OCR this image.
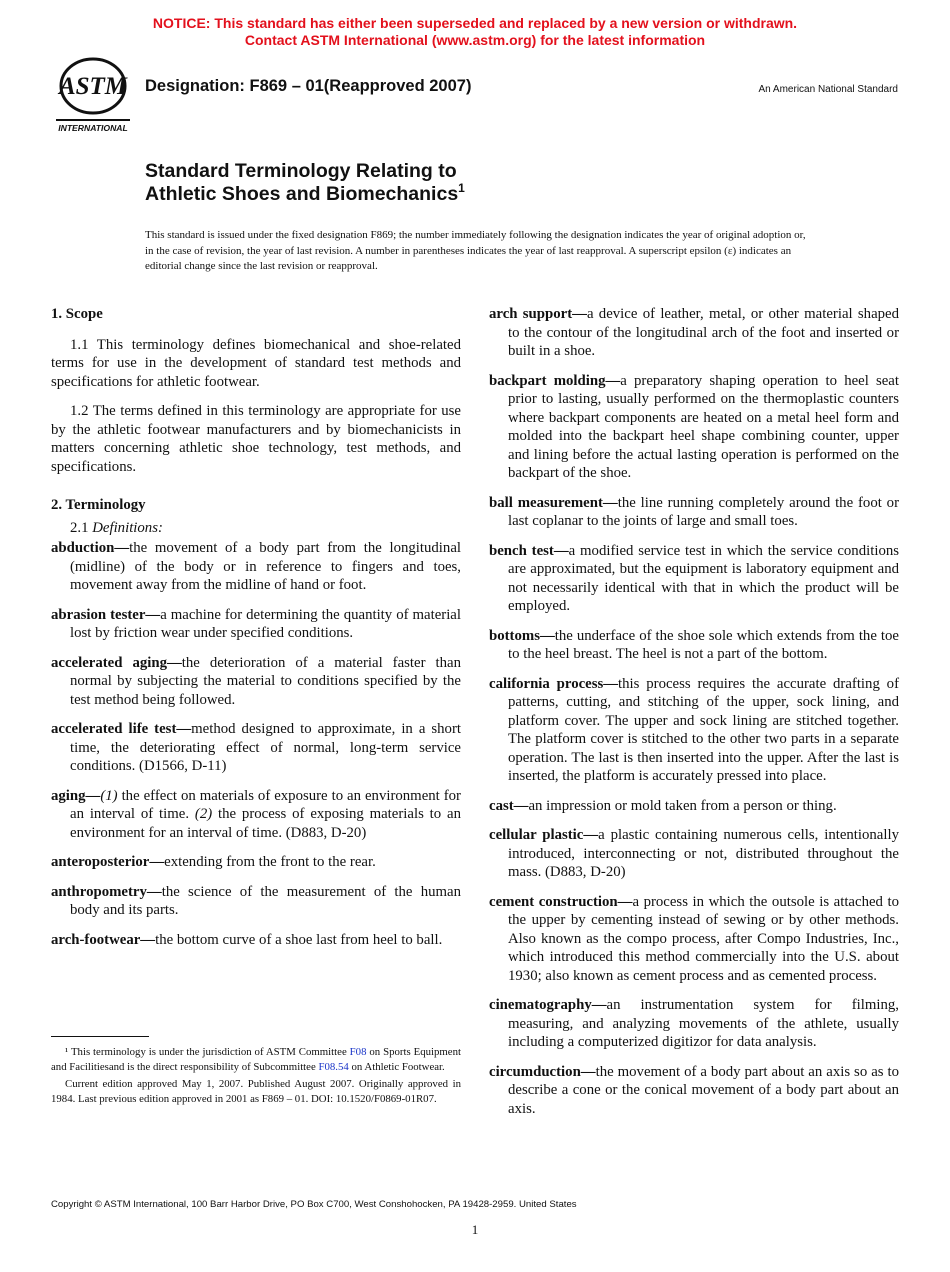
NOTICE: This standard has either been superseded and replaced by a new version or withdrawn.
Contact ASTM International (www.astm.org) for the latest information
ASTM
INTERNATIONAL
Designation: F869 – 01(Reapproved 2007)	An American National Standard
Standard Terminology Relating to
Athletic Shoes and Biomechanics$^1$
This standard is issued under the fixed designation F869; the number immediately following the designation indicates the year of original adoption or, in the case of revision, the year of last revision. A number in parentheses indicates the year of last reapproval. A superscript epsilon (ε) indicates an editorial change since the last revision or reapproval.
1. Scope

1.1 This terminology defines biomechanical and shoe-related terms for use in the development of standard test methods and specifications for athletic footwear.

1.2 The terms defined in this terminology are appropriate for use by the athletic footwear manufacturers and by biomechanicists in matters concerning athletic shoe technology, test methods, and specifications.

2. Terminology
2.1 Definitions:

abduction—the movement of a body part from the longitudinal (midline) of the body or in reference to fingers and toes, movement away from the midline of hand or foot.

abrasion tester—a machine for determining the quantity of material lost by friction wear under specified conditions.

accelerated aging—the deterioration of a material faster than normal by subjecting the material to conditions specified by the test method being followed.

accelerated life test—method designed to approximate, in a short time, the deteriorating effect of normal, long-term service conditions. (D1566, D-11)

aging—(1) the effect on materials of exposure to an environment for an interval of time. (2) the process of exposing materials to an environment for an interval of time. (D883, D-20)

anteroposterior—extending from the front to the rear.

anthropometry—the science of the measurement of the human body and its parts.

arch-footwear—the bottom curve of a shoe last from heel to ball.

arch support—a device of leather, metal, or other material shaped to the contour of the longitudinal arch of the foot and inserted or built in a shoe.

backpart molding—a preparatory shaping operation to heel seat prior to lasting, usually performed on the thermoplastic counters where backpart components are heated on a metal heel form and molded into the backpart heel shape combining counter, upper and lining before the actual lasting operation is performed on the backpart of the shoe.

ball measurement—the line running completely around the foot or last coplanar to the joints of large and small toes.

bench test—a modified service test in which the service conditions are approximated, but the equipment is laboratory equipment and not necessarily identical with that in which the product will be employed.

bottoms—the underface of the shoe sole which extends from the toe to the heel breast. The heel is not a part of the bottom.

california process—this process requires the accurate drafting of patterns, cutting, and stitching of the upper, sock lining, and platform cover. The upper and sock lining are stitched together. The platform cover is stitched to the other two parts in a separate operation. The last is then inserted into the upper. After the last is inserted, the platform is accurately pressed into place.

cast—an impression or mold taken from a person or thing.

cellular plastic—a plastic containing numerous cells, intentionally introduced, interconnecting or not, distributed throughout the mass. (D883, D-20)

cement construction—a process in which the outsole is attached to the upper by cementing instead of sewing or by other methods. Also known as the compo process, after Compo Industries, Inc., which introduced this method commercially into the U.S. about 1930; also known as cement process and as cemented process.

cinematography—an instrumentation system for filming, measuring, and analyzing movements of the athlete, usually including a computerized digitizor for data analysis.

circumduction—the movement of a body part about an axis so as to describe a cone or the conical movement of a body part about an axis.

¹ This terminology is under the jurisdiction of ASTM Committee F08 on Sports Equipment and Facilitiesand is the direct responsibility of Subcommittee F08.54 on Athletic Footwear.

Current edition approved May 1, 2007. Published August 2007. Originally approved in 1984. Last previous edition approved in 2001 as F869 – 01. DOI: 10.1520/F0869-01R07.

Copyright © ASTM International, 100 Barr Harbor Drive, PO Box C700, West Conshohocken, PA 19428-2959. United States
1
